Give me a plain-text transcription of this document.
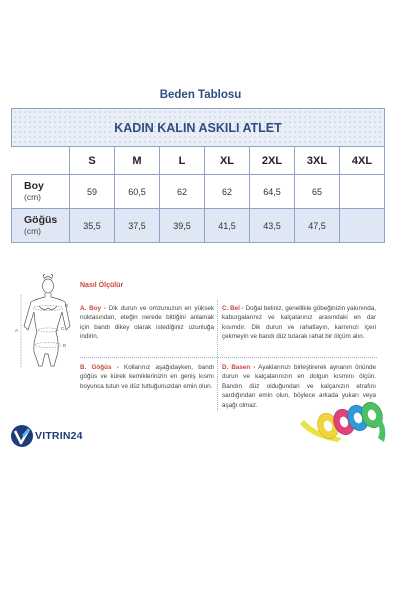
Beden Tablosu
KADIN KALIN ASKILI ATLET							
	S	M	L	XL	2XL	3XL	4XL

Boy
(cm)	59	60,5	62	62	64,5	65	

Göğüs
(cm)	35,5	37,5	39,5	41,5	43,5	47,5	
A
B
C
D
Nasıl Ölçülür

A. Boy - Dik durun ve omzunuzun en yüksek noktasından, eteğin nerede bittiğini anlamak için bandı dikey olarak istediğiniz uzunluğa indirin.

B. Göğüs - Kollarınız aşağıdayken, bandı göğüs ve kürek kemiklerinizin en geniş kısmı boyunca tutun ve düz tuttuğunuzdan emin olun.

C. Bel - Doğal beliniz, genellikle göbeğinizin yakınında, kaburgalarınız ve kalçalarınız arasındaki en dar kısımdır. Dik durun ve rahatlayın, karnınızı içeri çekmeyin ve bandı düz tutarak rahat bir ölçüm alın.

D. Basen - Ayaklarınızı birleştirerek aynanın önünde durun ve kalçalarınızın en dolgun kısmını ölçün. Bandın düz olduğundan ve kalçanızın etrafını sardığından emin olun, böylece arkada yukarı veya aşağı olmaz.

VITRIN24
